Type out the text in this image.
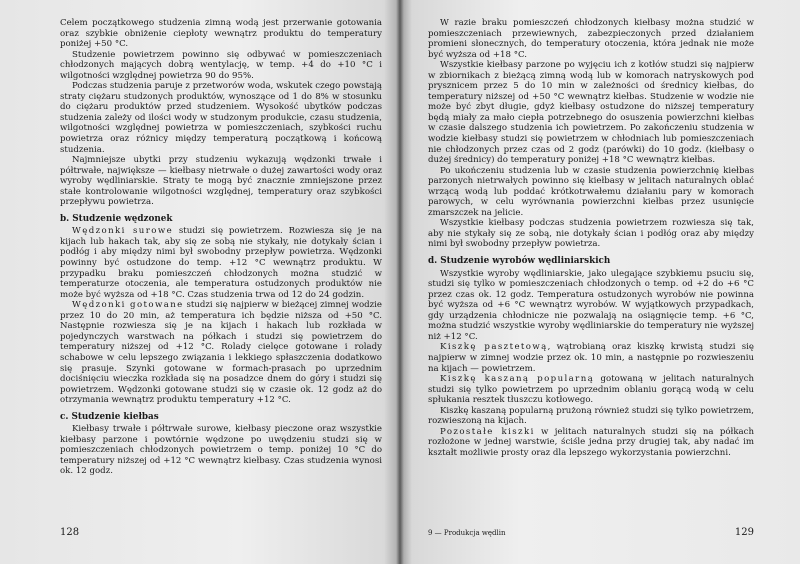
Celem początkowego studzenia zimną wodą jest przerwanie gotowania oraz szybkie obniżenie ciepłoty wewnątrz produktu do temperatury poniżej +50 °C.

Studzenie powietrzem powinno się odbywać w pomieszczeniach chłodzonych mających dobrą wentylację, w temp. +4 do +10 °C i wilgotności względnej powietrza 90 do 95%.

Podczas studzenia paruje z przetworów woda, wskutek czego powstają straty ciężaru studzonych produktów, wynoszące od 1 do 8% w stosunku do ciężaru produktów przed studzeniem. Wysokość ubytków podczas studzenia zależy od ilości wody w studzonym produkcie, czasu studzenia, wilgotności względnej powietrza w pomieszczeniach, szybkości ruchu powietrza oraz różnicy między temperaturą początkową i końcową studzenia.

Najmniejsze ubytki przy studzeniu wykazują wędzonki trwałe i półtrwałe, największe — kiełbasy nietrwałe o dużej zawartości wody oraz wyroby wędliniarskie. Straty te mogą być znacznie zmniejszone przez stałe kontrolowanie wilgotności względnej, temperatury oraz szybkości przepływu powietrza.

b. Studzenie wędzonek

Wędzonki surowe studzi się powietrzem. Rozwiesza się je na kijach lub hakach tak, aby się ze sobą nie stykały, nie dotykały ścian i podłóg i aby między nimi był swobodny przepływ powietrza. Wędzonki powinny być ostudzone do temp. +12 °C wewnątrz produktu. W przypadku braku pomieszczeń chłodzonych można studzić w temperaturze otoczenia, ale temperatura ostudzonych produktów nie może być wyższa od +18 °C. Czas studzenia trwa od 12 do 24 godzin.

Wędzonki gotowane studzi się najpierw w bieżącej zimnej wodzie przez 10 do 20 min, aż temperatura ich będzie niższa od +50 °C. Następnie rozwiesza się je na kijach i hakach lub rozkłada w pojedynczych warstwach na półkach i studzi się powietrzem do temperatury niższej od +12 °C. Rolady cielęce gotowane i rolady schabowe w celu lepszego związania i lekkiego spłaszczenia dodatkowo się prasuje. Szynki gotowane w formach-prasach po uprzednim dociśnięciu wieczka rozkłada się na posadzce dnem do góry i studzi się powietrzem. Wędzonki gotowane studzi się w czasie ok. 12 godz aż do otrzymania wewnątrz produktu temperatury +12 °C.

c. Studzenie kiełbas

Kiełbasy trwałe i półtrwałe surowe, kiełbasy pieczone oraz wszystkie kiełbasy parzone i powtórnie wędzone po uwędzeniu studzi się w pomieszczeniach chłodzonych powietrzem o temp. poniżej 10 °C do temperatury niższej od +12 °C wewnątrz kiełbasy. Czas studzenia wynosi ok. 12 godz.

128

W razie braku pomieszczeń chłodzonych kiełbasy można studzić w pomieszczeniach przewiewnych, zabezpieczonych przed działaniem promieni słonecznych, do temperatury otoczenia, która jednak nie może być wyższa od +18 °C.

Wszystkie kiełbasy parzone po wyjęciu ich z kotłów studzi się najpierw w zbiornikach z bieżącą zimną wodą lub w komorach natryskowych pod prysznicem przez 5 do 10 min w zależności od średnicy kiełbas, do temperatury niższej od +50 °C wewnątrz kiełbas. Studzenie w wodzie nie może być zbyt długie, gdyż kiełbasy ostudzone do niższej temperatury będą miały za mało ciepła potrzebnego do osuszenia powierzchni kiełbas w czasie dalszego studzenia ich powietrzem. Po zakończeniu studzenia w wodzie kiełbasy studzi się powietrzem w chłodniach lub pomieszczeniach nie chłodzonych przez czas od 2 godz (parówki) do 10 godz. (kiełbasy o dużej średnicy) do temperatury poniżej +18 °C wewnątrz kiełbas.

Po ukończeniu studzenia lub w czasie studzenia powierzchnię kiełbas parzonych nietrwałych powinno się kiełbasy w jelitach naturalnych oblać wrzącą wodą lub poddać krótkotrwałemu działaniu pary w komorach parowych, w celu wyrównania powierzchni kiełbas przez usunięcie zmarszczek na jelicie.

Wszystkie kiełbasy podczas studzenia powietrzem rozwiesza się tak, aby nie stykały się ze sobą, nie dotykały ścian i podłóg oraz aby między nimi był swobodny przepływ powietrza.

d. Studzenie wyrobów wędliniarskich

Wszystkie wyroby wędliniarskie, jako ulegające szybkiemu psuciu się, studzi się tylko w pomieszczeniach chłodzonych o temp. od +2 do +6 °C przez czas ok. 12 godz. Temperatura ostudzonych wyrobów nie powinna być wyższa od +6 °C wewnątrz wyrobów. W wyjątkowych przypadkach, gdy urządzenia chłodnicze nie pozwalają na osiągnięcie temp. +6 °C, można studzić wszystkie wyroby wędliniarskie do temperatury nie wyższej niż +12 °C.

Kiszkę pasztetową, wątrobianą oraz kiszkę krwistą studzi się najpierw w zimnej wodzie przez ok. 10 min, a następnie po rozwieszeniu na kijach — powietrzem.

Kiszkę kaszaną popularną gotowaną w jelitach naturalnych studzi się tylko powietrzem po uprzednim oblaniu gorącą wodą w celu spłukania resztek tłuszczu kotłowego.

Kiszkę kaszaną popularną prużoną również studzi się tylko powietrzem, rozwieszoną na kijach.

Pozostałe kiszki w jelitach naturalnych studzi się na półkach rozłożone w jednej warstwie, ściśle jedna przy drugiej tak, aby nadać im kształt możliwie prosty oraz dla lepszego wykorzystania powierzchni.

9 — Produkcja wędlin	129
